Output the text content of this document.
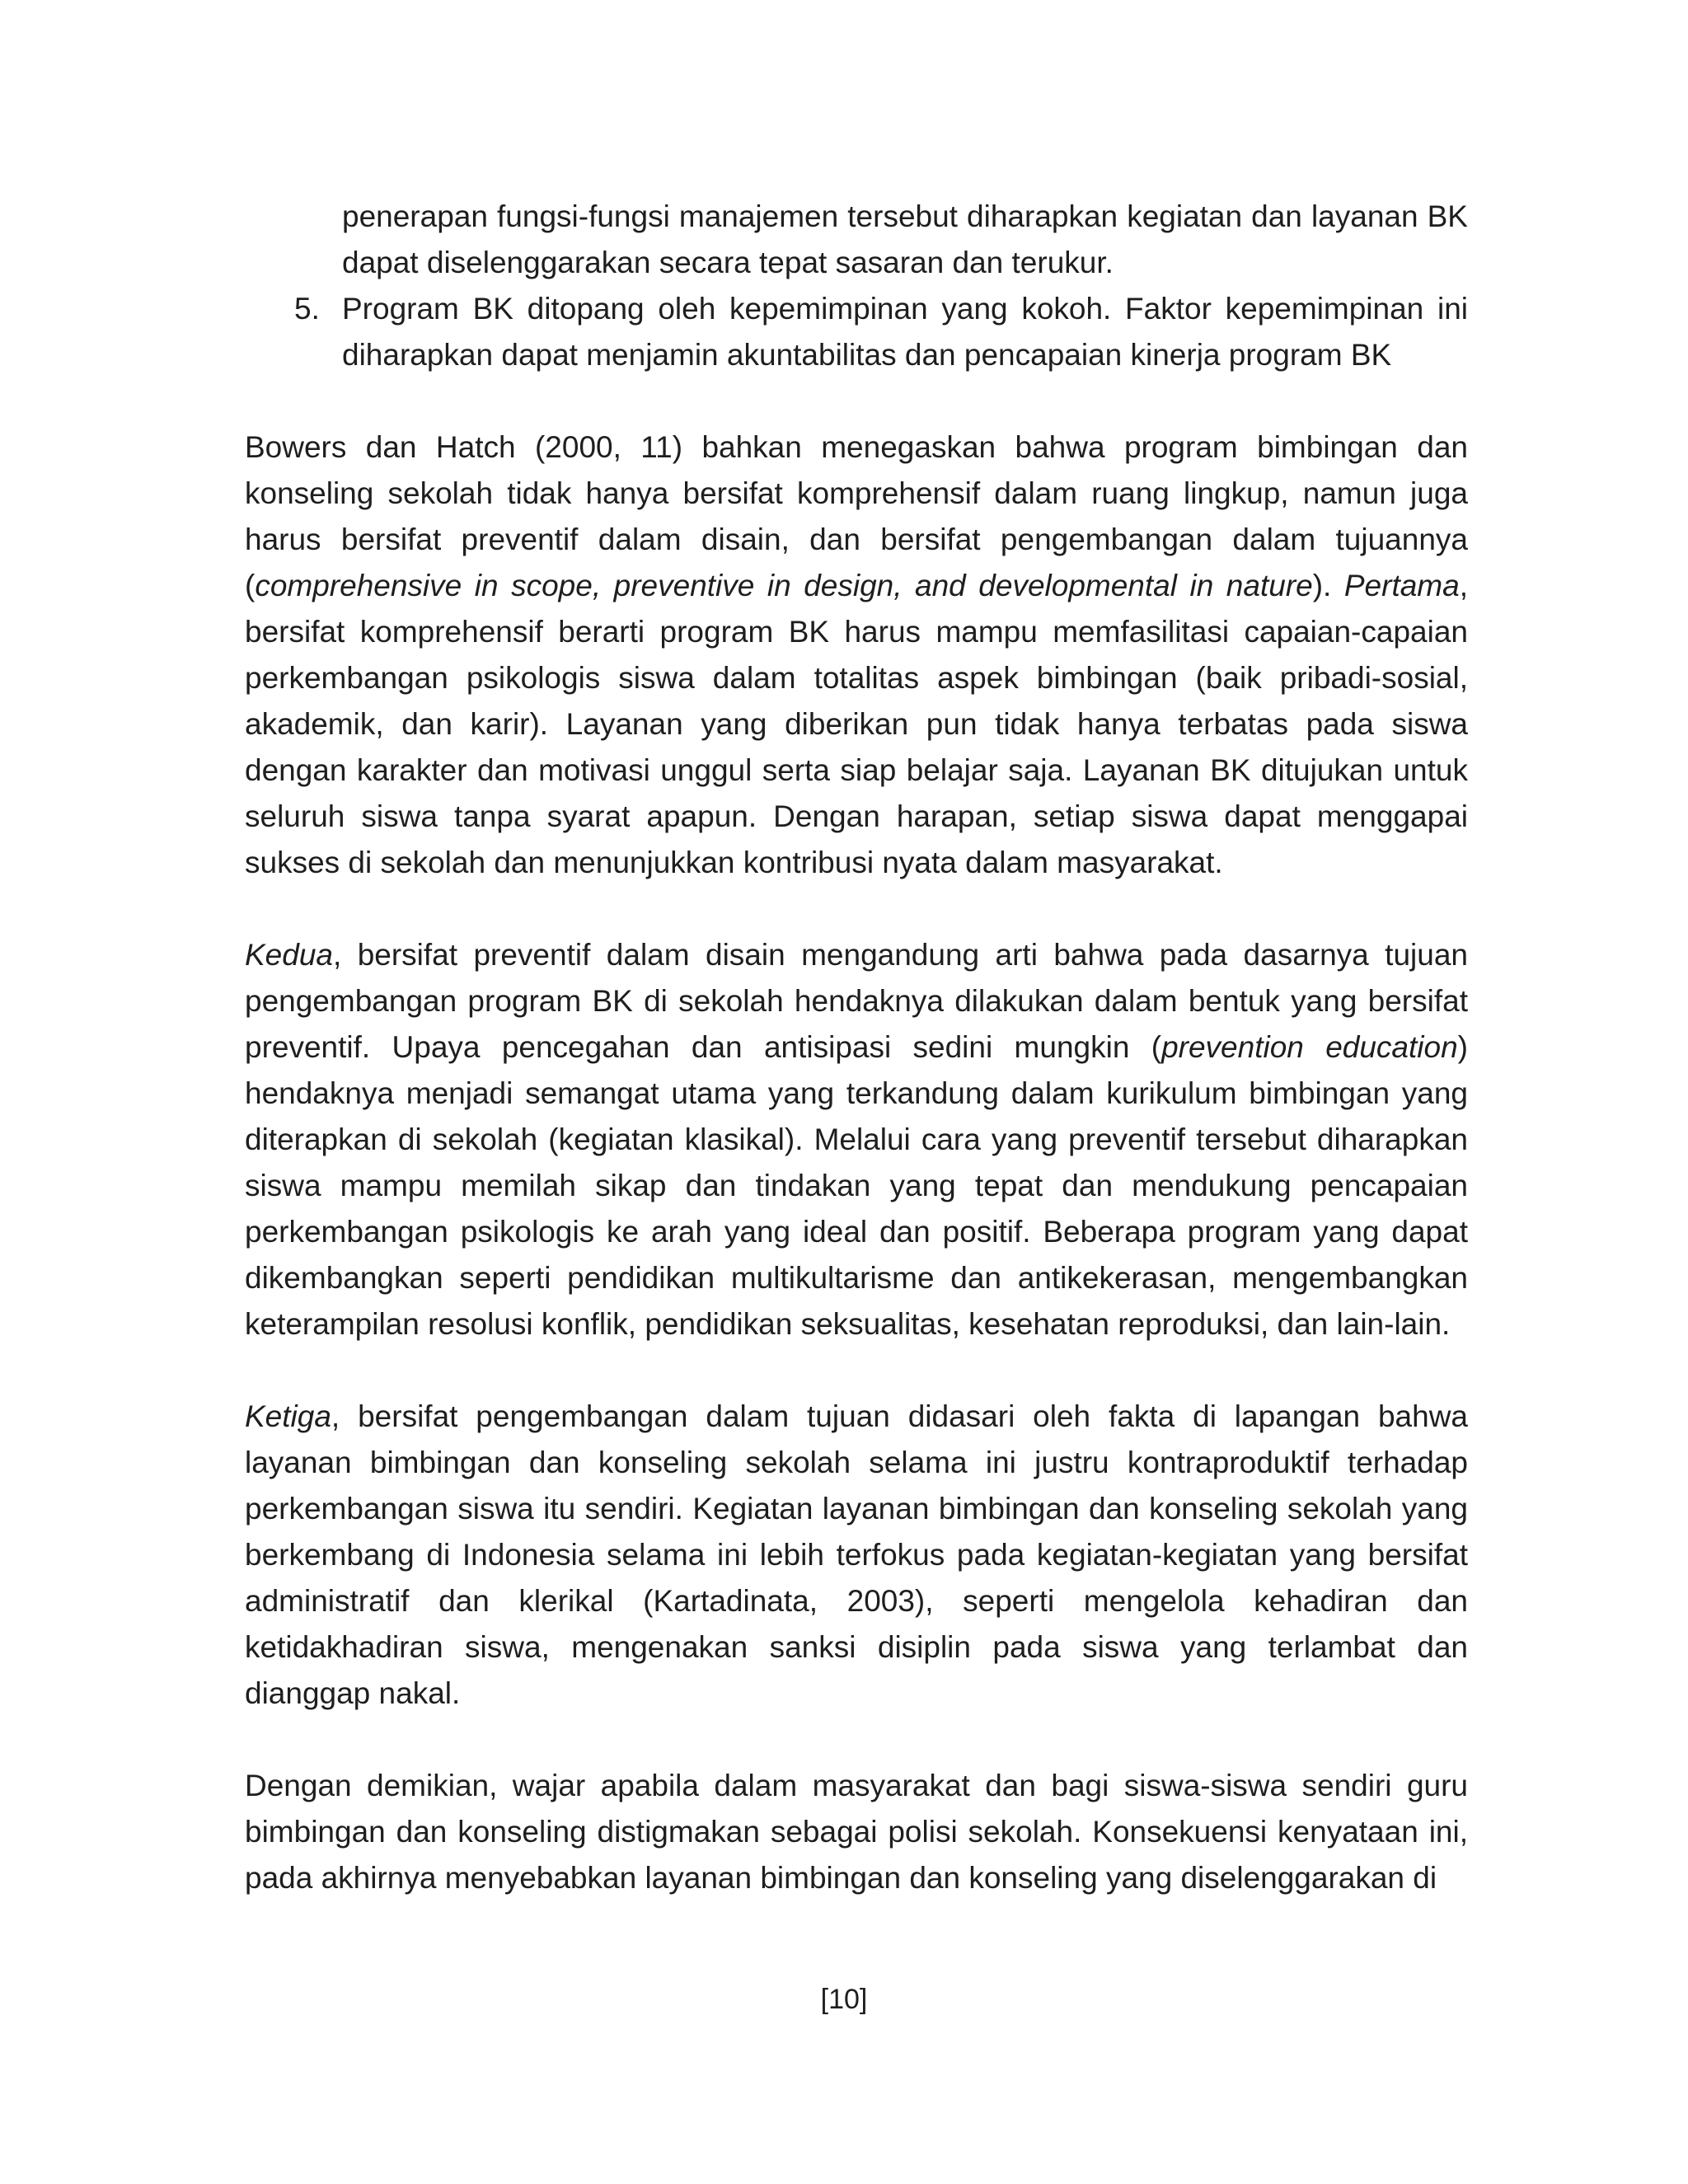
penerapan fungsi-fungsi manajemen tersebut diharapkan kegiatan dan layanan BK dapat diselenggarakan secara tepat sasaran dan terukur.

5. Program BK ditopang oleh kepemimpinan yang kokoh. Faktor kepemimpinan ini diharapkan dapat menjamin akuntabilitas dan pencapaian kinerja program BK

Bowers dan Hatch (2000, 11) bahkan menegaskan bahwa program bimbingan dan konseling sekolah tidak hanya bersifat komprehensif dalam ruang lingkup, namun juga harus bersifat preventif dalam disain, dan bersifat pengembangan dalam tujuannya (comprehensive in scope, preventive in design, and developmental in nature). Pertama, bersifat komprehensif berarti program BK harus mampu memfasilitasi capaian-capaian perkembangan psikologis siswa dalam totalitas aspek bimbingan (baik pribadi-sosial, akademik, dan karir). Layanan yang diberikan pun tidak hanya terbatas pada siswa dengan karakter dan motivasi unggul serta siap belajar saja. Layanan BK ditujukan untuk seluruh siswa tanpa syarat apapun. Dengan harapan, setiap siswa dapat menggapai sukses di sekolah dan menunjukkan kontribusi nyata dalam masyarakat.

Kedua, bersifat preventif dalam disain mengandung arti bahwa pada dasarnya tujuan pengembangan program BK di sekolah hendaknya dilakukan dalam bentuk yang bersifat preventif. Upaya pencegahan dan antisipasi sedini mungkin (prevention education) hendaknya menjadi semangat utama yang terkandung dalam kurikulum bimbingan yang diterapkan di sekolah (kegiatan klasikal). Melalui cara yang preventif tersebut diharapkan siswa mampu memilah sikap dan tindakan yang tepat dan mendukung pencapaian perkembangan psikologis ke arah yang ideal dan positif. Beberapa program yang dapat dikembangkan seperti pendidikan multikultarisme dan antikekerasan, mengembangkan keterampilan resolusi konflik, pendidikan seksualitas, kesehatan reproduksi, dan lain-lain.

Ketiga, bersifat pengembangan dalam tujuan didasari oleh fakta di lapangan bahwa layanan bimbingan dan konseling sekolah selama ini justru kontraproduktif terhadap perkembangan siswa itu sendiri. Kegiatan layanan bimbingan dan konseling sekolah yang berkembang di Indonesia selama ini lebih terfokus pada kegiatan-kegiatan yang bersifat administratif dan klerikal (Kartadinata, 2003), seperti mengelola kehadiran dan ketidakhadiran siswa, mengenakan sanksi disiplin pada siswa yang terlambat dan dianggap nakal.

Dengan demikian, wajar apabila dalam masyarakat dan bagi siswa-siswa sendiri guru bimbingan dan konseling distigmakan sebagai polisi sekolah. Konsekuensi kenyataan ini, pada akhirnya menyebabkan layanan bimbingan dan konseling yang diselenggarakan di

[10]
